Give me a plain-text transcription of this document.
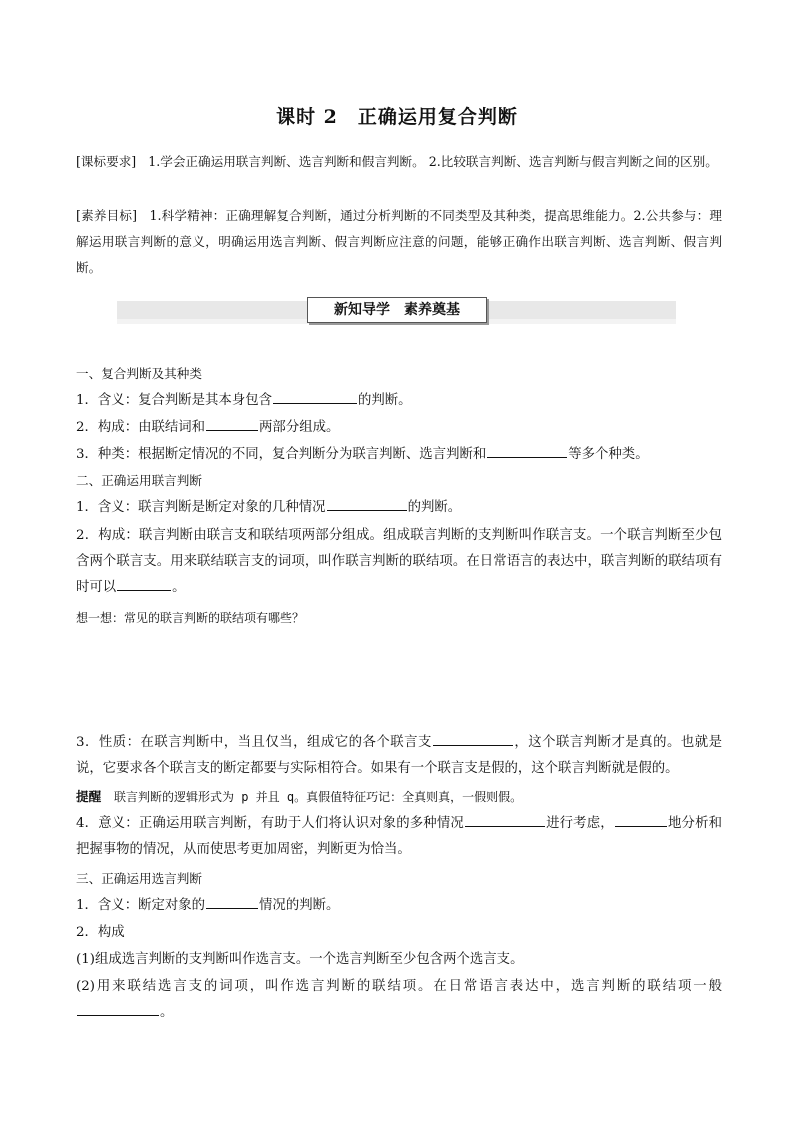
课时 2 正确运用复合判断
[课标要求] 1.学会正确运用联言判断、选言判断和假言判断。 2.比较联言判断、选言判断与假言判断之间的区别。
[素养目标] 1.科学精神：正确理解复合判断，通过分析判断的不同类型及其种类，提高思维能力。2.公共参与：理解运用联言判断的意义，明确运用选言判断、假言判断应注意的问题，能够正确作出联言判断、选言判断、假言判断。
新知导学　素养奠基
一、复合判断及其种类
1．含义：复合判断是其本身包含	的判断。
2．构成：由联结词和	两部分组成。
3．种类：根据断定情况的不同，复合判断分为联言判断、选言判断和	等多个种类。
二、正确运用联言判断
1．含义：联言判断是断定对象的几种情况	的判断。
2．构成：联言判断由联言支和联结项两部分组成。组成联言判断的支判断叫作联言支。一个联言判断至少包含两个联言支。用来联结联言支的词项，叫作联言判断的联结项。在日常语言的表达中，联言判断的联结项有时可以	。
想一想：常见的联言判断的联结项有哪些？
3．性质：在联言判断中，当且仅当，组成它的各个联言支	，这个联言判断才是真的。也就是说，它要求各个联言支的断定都要与实际相符合。如果有一个联言支是假的，这个联言判断就是假的。
提醒 联言判断的逻辑形式为 p 并且 q。真假值特征巧记：全真则真，一假则假。
4．意义：正确运用联言判断，有助于人们将认识对象的多种情况	进行考虑，	地分析和把握事物的情况，从而使思考更加周密，判断更为恰当。
三、正确运用选言判断
1．含义：断定对象的	情况的判断。
2．构成
(1)组成选言判断的支判断叫作选言支。一个选言判断至少包含两个选言支。
(2)用来联结选言支的词项，叫作选言判断的联结项。在日常语言表达中，选言判断的联结项一般。
